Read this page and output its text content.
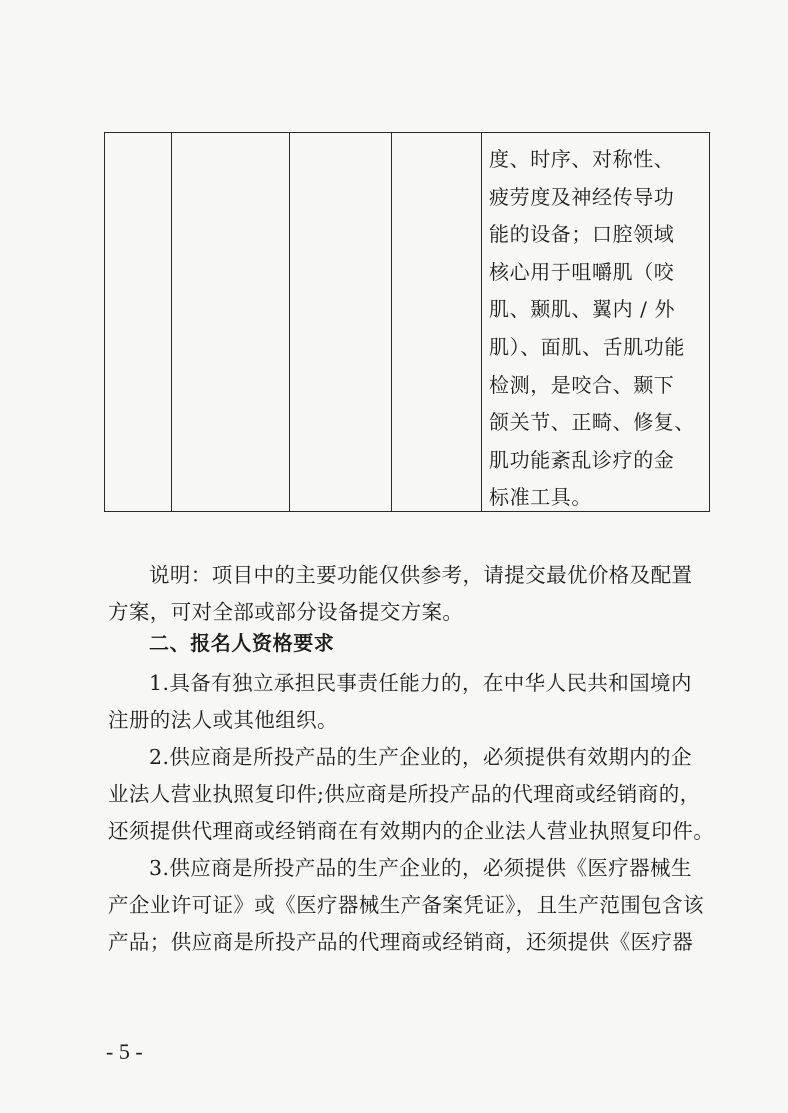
度、时序、对称性、
疲劳度及神经传导功
能的设备；口腔领域
核心用于咀嚼肌（咬
肌、颞肌、翼内 / 外
肌）、面肌、舌肌功能
检测，是咬合、颞下
颌关节、正畸、修复、
肌功能紊乱诊疗的金
标准工具。
说明：项目中的主要功能仅供参考，请提交最优价格及配置
方案，可对全部或部分设备提交方案。
二、报名人资格要求
1.具备有独立承担民事责任能力的，在中华人民共和国境内
注册的法人或其他组织。
2.供应商是所投产品的生产企业的，必须提供有效期内的企
业法人营业执照复印件;供应商是所投产品的代理商或经销商的，
还须提供代理商或经销商在有效期内的企业法人营业执照复印件。
3.供应商是所投产品的生产企业的，必须提供《医疗器械生
产企业许可证》或《医疗器械生产备案凭证》，且生产范围包含该
产品；供应商是所投产品的代理商或经销商，还须提供《医疗器
- 5 -
